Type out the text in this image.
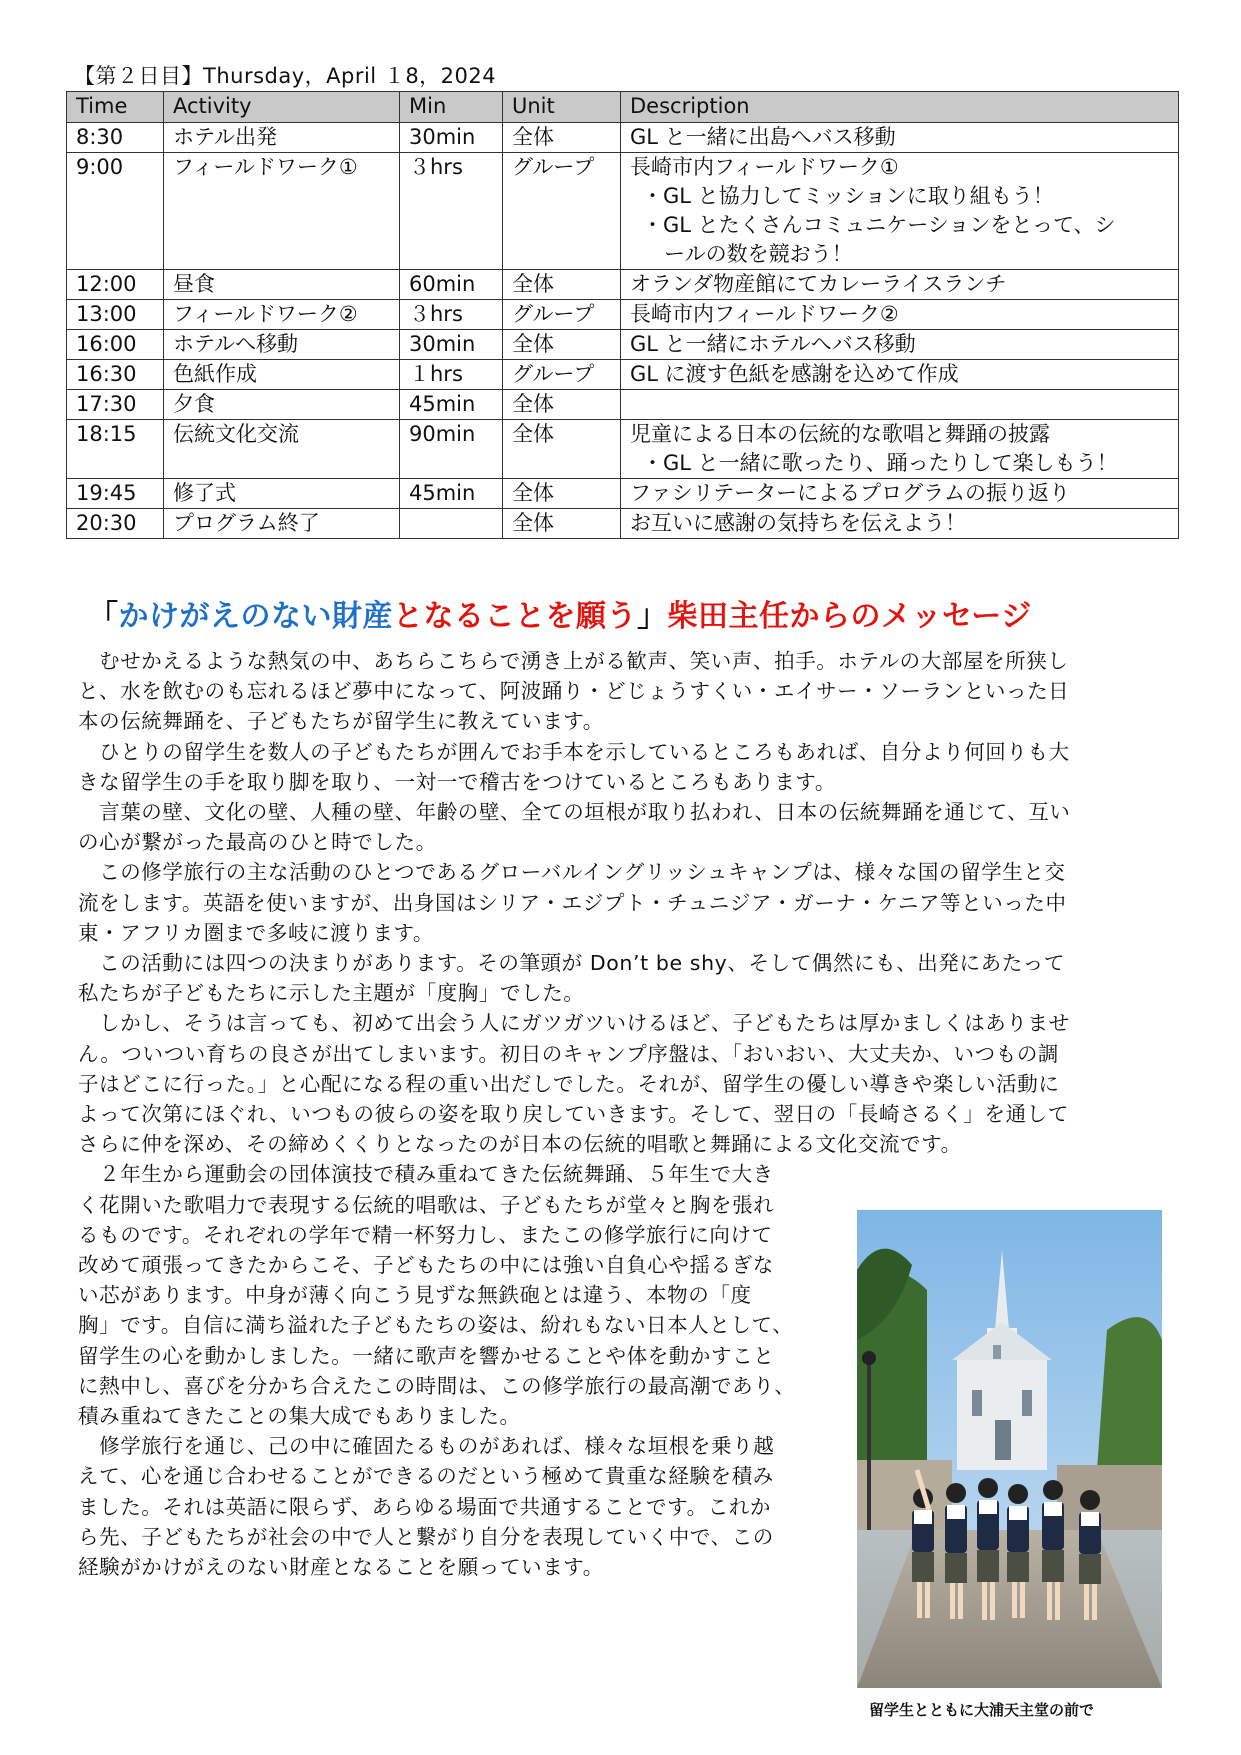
【第２日目】Thursday，April １8，2024
Time	Activity	Min	Unit	Description
8:30	ホテル出発	30min	全体	GL と一緒に出島へバス移動

9:00	フィールドワーク①	３hrs	グループ	長崎市内フィールドワーク①
・GL と協力してミッションに取り組もう！
・GL とたくさんコミュニケーションをとって、シ
ールの数を競おう！

12:00	昼食	60min	全体	オランダ物産館にてカレーライスランチ

13:00	フィールドワーク②	３hrs	グループ	長崎市内フィールドワーク②

16:00	ホテルへ移動	30min	全体	GL と一緒にホテルへバス移動

16:30	色紙作成	１hrs	グループ	GL に渡す色紙を感謝を込めて作成

17:30	夕食	45min	全体	
18:15	伝統文化交流	90min	全体	児童による日本の伝統的な歌唱と舞踊の披露
・GL と一緒に歌ったり、踊ったりして楽しもう！

19:45	修了式	45min	全体	ファシリテーターによるプログラムの振り返り

20:30	プログラム終了		全体	お互いに感謝の気持ちを伝えよう！
「かけがえのない財産となることを願う」柴田主任からのメッセージ
　むせかえるような熱気の中、あちらこちらで湧き上がる歓声、笑い声、拍手。ホテルの大部屋を所狭し
と、水を飲むのも忘れるほど夢中になって、阿波踊り・どじょうすくい・エイサー・ソーランといった日
本の伝統舞踊を、子どもたちが留学生に教えています。
　ひとりの留学生を数人の子どもたちが囲んでお手本を示しているところもあれば、自分より何回りも大
きな留学生の手を取り脚を取り、一対一で稽古をつけているところもあります。
　言葉の壁、文化の壁、人種の壁、年齢の壁、全ての垣根が取り払われ、日本の伝統舞踊を通じて、互い
の心が繋がった最高のひと時でした。
　この修学旅行の主な活動のひとつであるグローバルイングリッシュキャンプは、様々な国の留学生と交
流をします。英語を使いますが、出身国はシリア・エジプト・チュニジア・ガーナ・ケニア等といった中
東・アフリカ圏まで多岐に渡ります。
　この活動には四つの決まりがあります。その筆頭が Don’t be shy、そして偶然にも、出発にあたって
私たちが子どもたちに示した主題が「度胸」でした。
　しかし、そうは言っても、初めて出会う人にガツガツいけるほど、子どもたちは厚かましくはありませ
ん。ついつい育ちの良さが出てしまいます。初日のキャンプ序盤は、「おいおい、大丈夫か、いつもの調
子はどこに行った。」と心配になる程の重い出だしでした。それが、留学生の優しい導きや楽しい活動に
よって次第にほぐれ、いつもの彼らの姿を取り戻していきます。そして、翌日の「長崎さるく」を通して
さらに仲を深め、その締めくくりとなったのが日本の伝統的唱歌と舞踊による文化交流です。
　２年生から運動会の団体演技で積み重ねてきた伝統舞踊、５年生で大き
く花開いた歌唱力で表現する伝統的唱歌は、子どもたちが堂々と胸を張れ
るものです。それぞれの学年で精一杯努力し、またこの修学旅行に向けて
改めて頑張ってきたからこそ、子どもたちの中には強い自負心や揺るぎな
い芯があります。中身が薄く向こう見ずな無鉄砲とは違う、本物の「度
胸」です。自信に満ち溢れた子どもたちの姿は、紛れもない日本人として、
留学生の心を動かしました。一緒に歌声を響かせることや体を動かすこと
に熱中し、喜びを分かち合えたこの時間は、この修学旅行の最高潮であり、
積み重ねてきたことの集大成でもありました。
　修学旅行を通じ、己の中に確固たるものがあれば、様々な垣根を乗り越
えて、心を通じ合わせることができるのだという極めて貴重な経験を積み
ました。それは英語に限らず、あらゆる場面で共通することです。これか
ら先、子どもたちが社会の中で人と繋がり自分を表現していく中で、この
経験がかけがえのない財産となることを願っています。
留学生とともに大浦天主堂の前で
